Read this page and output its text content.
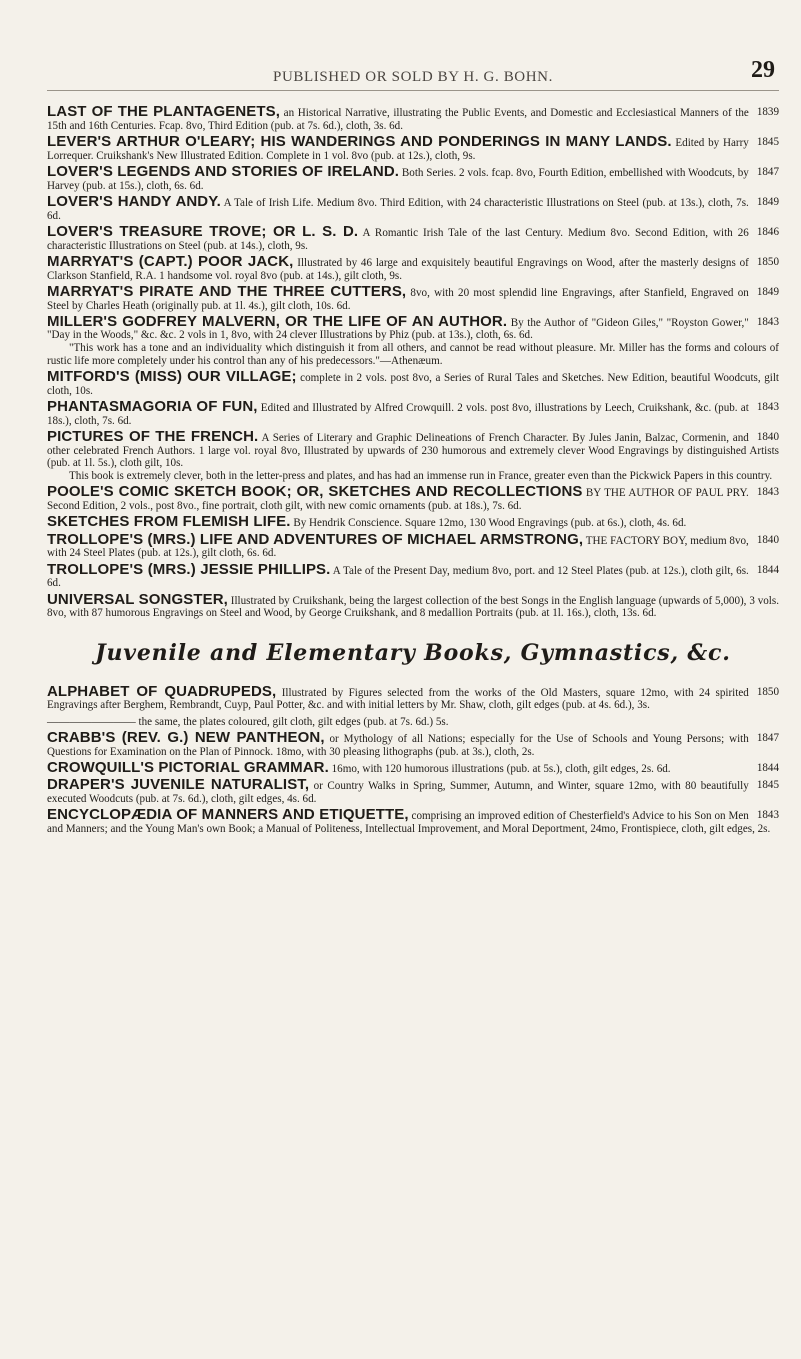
PUBLISHED OR SOLD BY H. G. BOHN.	29
1839
LAST OF THE PLANTAGENETS, an Historical Narrative, illustrating the Public Events, and Domestic and Ecclesiastical Manners of the 15th and 16th Centuries. Fcap. 8vo, Third Edition (pub. at 7s. 6d.), cloth, 3s. 6d.
1845
LEVER'S ARTHUR O'LEARY; HIS WANDERINGS AND PONDERINGS IN MANY LANDS. Edited by Harry Lorrequer. Cruikshank's New Illustrated Edition. Complete in 1 vol. 8vo (pub. at 12s.), cloth, 9s.
1847
LOVER'S LEGENDS AND STORIES OF IRELAND. Both Series. 2 vols. fcap. 8vo, Fourth Edition, embellished with Woodcuts, by Harvey (pub. at 15s.), cloth, 6s. 6d.
1849
LOVER'S HANDY ANDY. A Tale of Irish Life. Medium 8vo. Third Edition, with 24 characteristic Illustrations on Steel (pub. at 13s.), cloth, 7s. 6d.
1846
LOVER'S TREASURE TROVE; OR L. S. D. A Romantic Irish Tale of the last Century. Medium 8vo. Second Edition, with 26 characteristic Illustrations on Steel (pub. at 14s.), cloth, 9s.
1850
MARRYAT'S (CAPT.) POOR JACK, Illustrated by 46 large and exquisitely beautiful Engravings on Wood, after the masterly designs of Clarkson Stanfield, R.A. 1 handsome vol. royal 8vo (pub. at 14s.), gilt cloth, 9s.
1849
MARRYAT'S PIRATE AND THE THREE CUTTERS, 8vo, with 20 most splendid line Engravings, after Stanfield, Engraved on Steel by Charles Heath (originally pub. at 1l. 4s.), gilt cloth, 10s. 6d.
1843
MILLER'S GODFREY MALVERN, OR THE LIFE OF AN AUTHOR. By the Author of "Gideon Giles," "Royston Gower," "Day in the Woods," &c. &c. 2 vols in 1, 8vo, with 24 clever Illustrations by Phiz (pub. at 13s.), cloth, 6s. 6d.
"This work has a tone and an individuality which distinguish it from all others, and cannot be read without pleasure. Mr. Miller has the forms and colours of rustic life more completely under his control than any of his predecessors."—Athenæum.
MITFORD'S (MISS) OUR VILLAGE; complete in 2 vols. post 8vo, a Series of Rural Tales and Sketches. New Edition, beautiful Woodcuts, gilt cloth, 10s.
1843
PHANTASMAGORIA OF FUN, Edited and Illustrated by Alfred Crowquill. 2 vols. post 8vo, illustrations by Leech, Cruikshank, &c. (pub. at 18s.), cloth, 7s. 6d.
1840
PICTURES OF THE FRENCH. A Series of Literary and Graphic Delineations of French Character. By Jules Janin, Balzac, Cormenin, and other celebrated French Authors. 1 large vol. royal 8vo, Illustrated by upwards of 230 humorous and extremely clever Wood Engravings by distinguished Artists (pub. at 1l. 5s.), cloth gilt, 10s.
This book is extremely clever, both in the letter-press and plates, and has had an immense run in France, greater even than the Pickwick Papers in this country.
1843
POOLE'S COMIC SKETCH BOOK; OR, SKETCHES AND RECOLLECTIONS BY THE AUTHOR OF PAUL PRY. Second Edition, 2 vols., post 8vo., fine portrait, cloth gilt, with new comic ornaments (pub. at 18s.), 7s. 6d.
SKETCHES FROM FLEMISH LIFE. By Hendrik Conscience. Square 12mo, 130 Wood Engravings (pub. at 6s.), cloth, 4s. 6d.
1840
TROLLOPE'S (MRS.) LIFE AND ADVENTURES OF MICHAEL ARMSTRONG, THE FACTORY BOY, medium 8vo, with 24 Steel Plates (pub. at 12s.), gilt cloth, 6s. 6d.
1844
TROLLOPE'S (MRS.) JESSIE PHILLIPS. A Tale of the Present Day, medium 8vo, port. and 12 Steel Plates (pub. at 12s.), cloth gilt, 6s. 6d.
UNIVERSAL SONGSTER, Illustrated by Cruikshank, being the largest collection of the best Songs in the English language (upwards of 5,000), 3 vols. 8vo, with 87 humorous Engravings on Steel and Wood, by George Cruikshank, and 8 medallion Portraits (pub. at 1l. 16s.), cloth, 13s. 6d.
Juvenile and Elementary Books, Gymnastics, &c.
1850
ALPHABET OF QUADRUPEDS, Illustrated by Figures selected from the works of the Old Masters, square 12mo, with 24 spirited Engravings after Berghem, Rembrandt, Cuyp, Paul Potter, &c. and with initial letters by Mr. Shaw, cloth, gilt edges (pub. at 4s. 6d.), 3s.
———————— the same, the plates coloured, gilt cloth, gilt edges (pub. at 7s. 6d.) 5s.
1847
CRABB'S (REV. G.) NEW PANTHEON, or Mythology of all Nations; especially for the Use of Schools and Young Persons; with Questions for Examination on the Plan of Pinnock. 18mo, with 30 pleasing lithographs (pub. at 3s.), cloth, 2s.
1844
CROWQUILL'S PICTORIAL GRAMMAR. 16mo, with 120 humorous illustrations (pub. at 5s.), cloth, gilt edges, 2s. 6d.
1845
DRAPER'S JUVENILE NATURALIST, or Country Walks in Spring, Summer, Autumn, and Winter, square 12mo, with 80 beautifully executed Woodcuts (pub. at 7s. 6d.), cloth, gilt edges, 4s. 6d.
1843
ENCYCLOPÆDIA OF MANNERS AND ETIQUETTE, comprising an improved edition of Chesterfield's Advice to his Son on Men and Manners; and the Young Man's own Book; a Manual of Politeness, Intellectual Improvement, and Moral Deportment, 24mo, Frontispiece, cloth, gilt edges, 2s.
